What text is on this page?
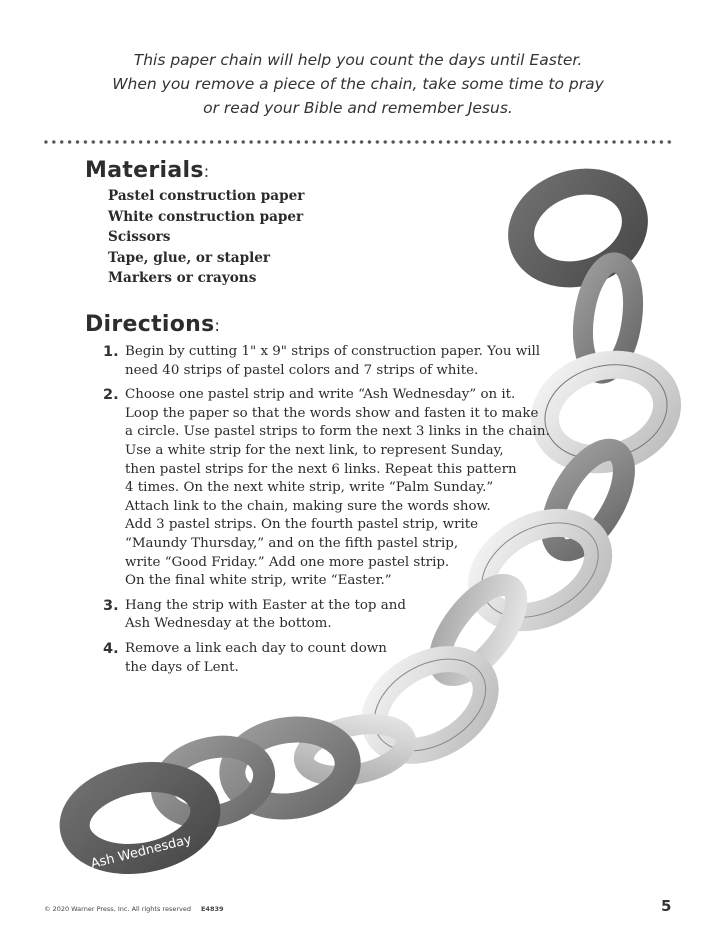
This paper chain will help you count the days until Easter.
When you remove a piece of the chain, take some time to pray
or read your Bible and remember Jesus.
Ash Wednesday
Materials:
Pastel construction paper
White construction paper
Scissors
Tape, glue, or stapler
Markers or crayons
Directions:
1. Begin by cutting 1" x 9" strips of construction paper. You will
need 40 strips of pastel colors and 7 strips of white.
2. Choose one pastel strip and write “Ash Wednesday” on it.
Loop the paper so that the words show and fasten it to make
a circle. Use pastel strips to form the next 3 links in the chain.
Use a white strip for the next link, to represent Sunday,
then pastel strips for the next 6 links. Repeat this pattern
4 times. On the next white strip, write “Palm Sunday.”
Attach link to the chain, making sure the words show.
Add 3 pastel strips. On the fourth pastel strip, write
“Maundy Thursday,” and on the fifth pastel strip,
write “Good Friday.” Add one more pastel strip.
On the final white strip, write “Easter.”
3. Hang the strip with Easter at the top and
Ash Wednesday at the bottom.
4. Remove a link each day to count down
the days of Lent.
© 2020 Warner Press, Inc. All rights reserved E4839	5
